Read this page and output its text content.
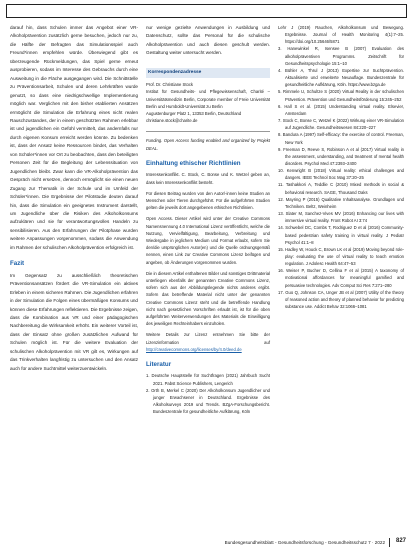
darauf hin, dass Schulen immer das Angebot einer VR-Alkoholprävention zusätzlich gerne besuchen, jedoch nur zu, die Hälfte der Befragten das Simulationsspiel auch Freund*innen empfehlen würde. Überwiegend gibt es überzeugende Rückmeldungen, das Spiel gerne erneut ausprobieren, sodass im Interesse des Gebrauchs durch eine Ausweitung in die Fläche ausgegangen wird. Die Schnittstelle zu Präventionsarbeit, Schulen und deren Lehrkräften wurde genutzt, so dass eine niedrigschwellige Implementierung möglich war. Verglichen mit den bisher etablierten Ansätzen ermöglicht die Simulation die Erfahrung eines nicht realen Rauschzustandes, der in einem geschützten Rahmen erlebbar ist und jugendlichen ein Gefühl vermittelt, das andernfalls nur durch eigenen Konsum erreicht werden könnte. Zu bedenken ist, dass der Ansatz keine Ressourcen bindet, das Verhalten von Schüler*innen vor Ort zu beobachten, dass den beteiligten Personen Zeit für die Begleitung der Lebenssituation von Jugendlichen bleibt. Zwar kann die VR-Alkoholprävention das Gespräch nicht ersetzen, dennoch ermöglicht sie einen neuen Zugang zur Thematik in der Schule und im Umfeld der Schüler*innen. Die Ergebnisse der Pilotstudie deuten darauf hin, dass die Simulation ein geeignetes Instrument darstellt, um Jugendliche über die Risiken des Alkoholkonsums aufzuklären und sie für verantwortungsvolles Handeln zu sensibilisieren. Aus den Erfahrungen der Pilotphase wurden weitere Anpassungen vorgenommen, sodass die Anwendung im Rahmen der schulischen Alkoholprävention erfolgreich ist.

Fazit

Im Gegensatz zu ausschließlich theoretischen Präventionsansätzen fördert die VR-Simulation ein aktives Erleben in einem sicheren Rahmen. Die Jugendlichen erfahren in der Simulation die Folgen eines übermäßigen Konsums und können diese Erfahrungen reflektieren. Die Ergebnisse zeigen, dass die Kombination aus VR und einer pädagogischen Nachbereitung die Wirksamkeit erhöht. Ein weiterer Vorteil ist, dass der Einsatz ohne großen zusätzlichen Aufwand für Schulen möglich ist. Für die weitere Evaluation der schulischen Alkoholprävention mit VR gilt es, Wirkungen auf das Trinkverhalten langfristig zu untersuchen und den Ansatz auch für andere Suchtmittel weiterzuentwickeln.

nur wenige gezielte Anwendungen in Ausbildung und Datenschutz, sollte das Personal für die schulische Alkoholprävention und auch diesen geschult werden. Gestaltung weiter untersucht werden.

Korrespondenzadresse

Prof. Dr. Christiane Stock
Institut für Gesundheits- und Pflegewissenschaft, Charité – Universitätsmedizin Berlin, Corporate member of Freie Universität Berlin und Humboldt-Universität zu Berlin
Augustenburger Platz 1, 13353 Berlin, Deutschland
christiane.stock@charite.de

Funding. Open Access funding enabled and organized by Projekt DEAL.

Einhaltung ethischer Richtlinien

Interessenkonflikt. C. Stock, C. Bonse und K. Wetzel geben an, dass kein Interessenkonflikt besteht.

Für diesen Beitrag wurden von den Autor/-innen keine Studien an Menschen oder Tieren durchgeführt. Für die aufgeführten Studien gelten die jeweils dort angegebenen ethischen Richtlinien.

Open Access. Dieser Artikel wird unter der Creative Commons Namensnennung 4.0 International Lizenz veröffentlicht, welche die Nutzung, Vervielfältigung, Bearbeitung, Verbreitung und Wiedergabe in jeglichem Medium und Format erlaubt, sofern Sie den/die ursprünglichen Autor(en) und die Quelle ordnungsgemäß nennen, einen Link zur Creative Commons Lizenz beifügen und angeben, ob Änderungen vorgenommen wurden.

Die in diesem Artikel enthaltenen Bilder und sonstiges Drittmaterial unterliegen ebenfalls der genannten Creative Commons Lizenz, sofern sich aus der Abbildungslegende nichts anderes ergibt. Sofern das betreffende Material nicht unter der genannten Creative Commons Lizenz steht und die betreffende Handlung nicht nach gesetzlichen Vorschriften erlaubt ist, ist für die oben aufgeführten Weiterverwendungen des Materials die Einwilligung des jeweiligen Rechteinhabers einzuholen.

Weitere Details zur Lizenz entnehmen Sie bitte der Lizenzinformation auf http://creativecommons.org/licenses/by/4.0/deed.de

Literatur

1. Deutsche Hauptstelle für Suchtfragen (2021) Jahrbuch Sucht 2021. Pabst Science Publishers, Lengerich

2. Orth B, Merkel C (2020) Der Alkoholkonsum Jugendlicher und junger Erwachsener in Deutschland. Ergebnisse des Alkoholsurveys 2019 und Trends. BZgA-Forschungsbericht. Bundeszentrale für gesundheitliche Aufklärung, Köln

Lehr J (2019) Rauchen, Alkoholkonsum und Bewegung. Ergebnisse. Journal of Health Monitoring 4(1):7–25. https://doi.org/10.25646/5871

3. Hanewinkel R, Isensee B (2007) Evaluation des alkoholpräventiven Programms. Zeitschrift für Gesundheitspsychologie 15:1–10

4. Bühler A, Thrul J (2013) Expertise zur Suchtprävention. Aktualisierte und erweiterte Neuauflage. Bundeszentrale für gesundheitliche Aufklärung, Köln. https://www.bzga.de

5. Rimmele U, Schultze S (2020) Virtual Reality in der schulischen Prävention. Prävention und Gesundheitsförderung 15:245–252

6. Hall S et al. (2015) Understanding virtual reality. Elsevier, Amsterdam

7. Stock C, Bonse C, Wetzel K (2022) Wirkung einer VR-Simulation auf Jugendliche. Gesundheitswesen 84:220–227

8. Bandura A (1997) Self-efficacy: the exercise of control. Freeman, New York

9. Freeman D, Reeve S, Robinson A et al (2017) Virtual reality in the assessment, understanding, and treatment of mental health disorders. Psychol Med 47:2393–2400

10. Kenwright B (2018) Virtual reality: ethical challenges and dangers. IEEE Technol Soc Mag 37:20–25

11. Tashakkori A, Teddlie C (2010) Mixed methods in social & behavioral research. SAGE, Thousand Oaks

12. Mayring P (2015) Qualitative Inhaltsanalyse. Grundlagen und Techniken. Beltz, Weinheim

13. Slater M, Sanchez-Vives MV (2016) Enhancing our lives with immersive virtual reality. Front Robot AI 3:74

14. Schwebel DC, Combs T, Rodriguez D et al (2016) Community-based pedestrian safety training in virtual reality. J Pediatr Psychol 41:1–8

15. Hadley W, Houck C, Brown LK et al (2019) Moving beyond role-play: evaluating the use of virtual reality to teach emotion regulation. J Adolesc Health 64:47–53

16. Weiser P, Bucher D, Cellina F et al (2015) A taxonomy of motivational affordances for meaningful gamified and persuasive technologies. Adv Comput Sci Res 7:271–280

17. Guo Q, Johnson CA, Unger JB et al (2007) Utility of the theory of reasoned action and theory of planned behavior for predicting substance use. Addict Behav 32:1066–1081

Bundesgesundheitsblatt - Gesundheitsforschung - Gesundheitsschutz 7 · 2022 827
